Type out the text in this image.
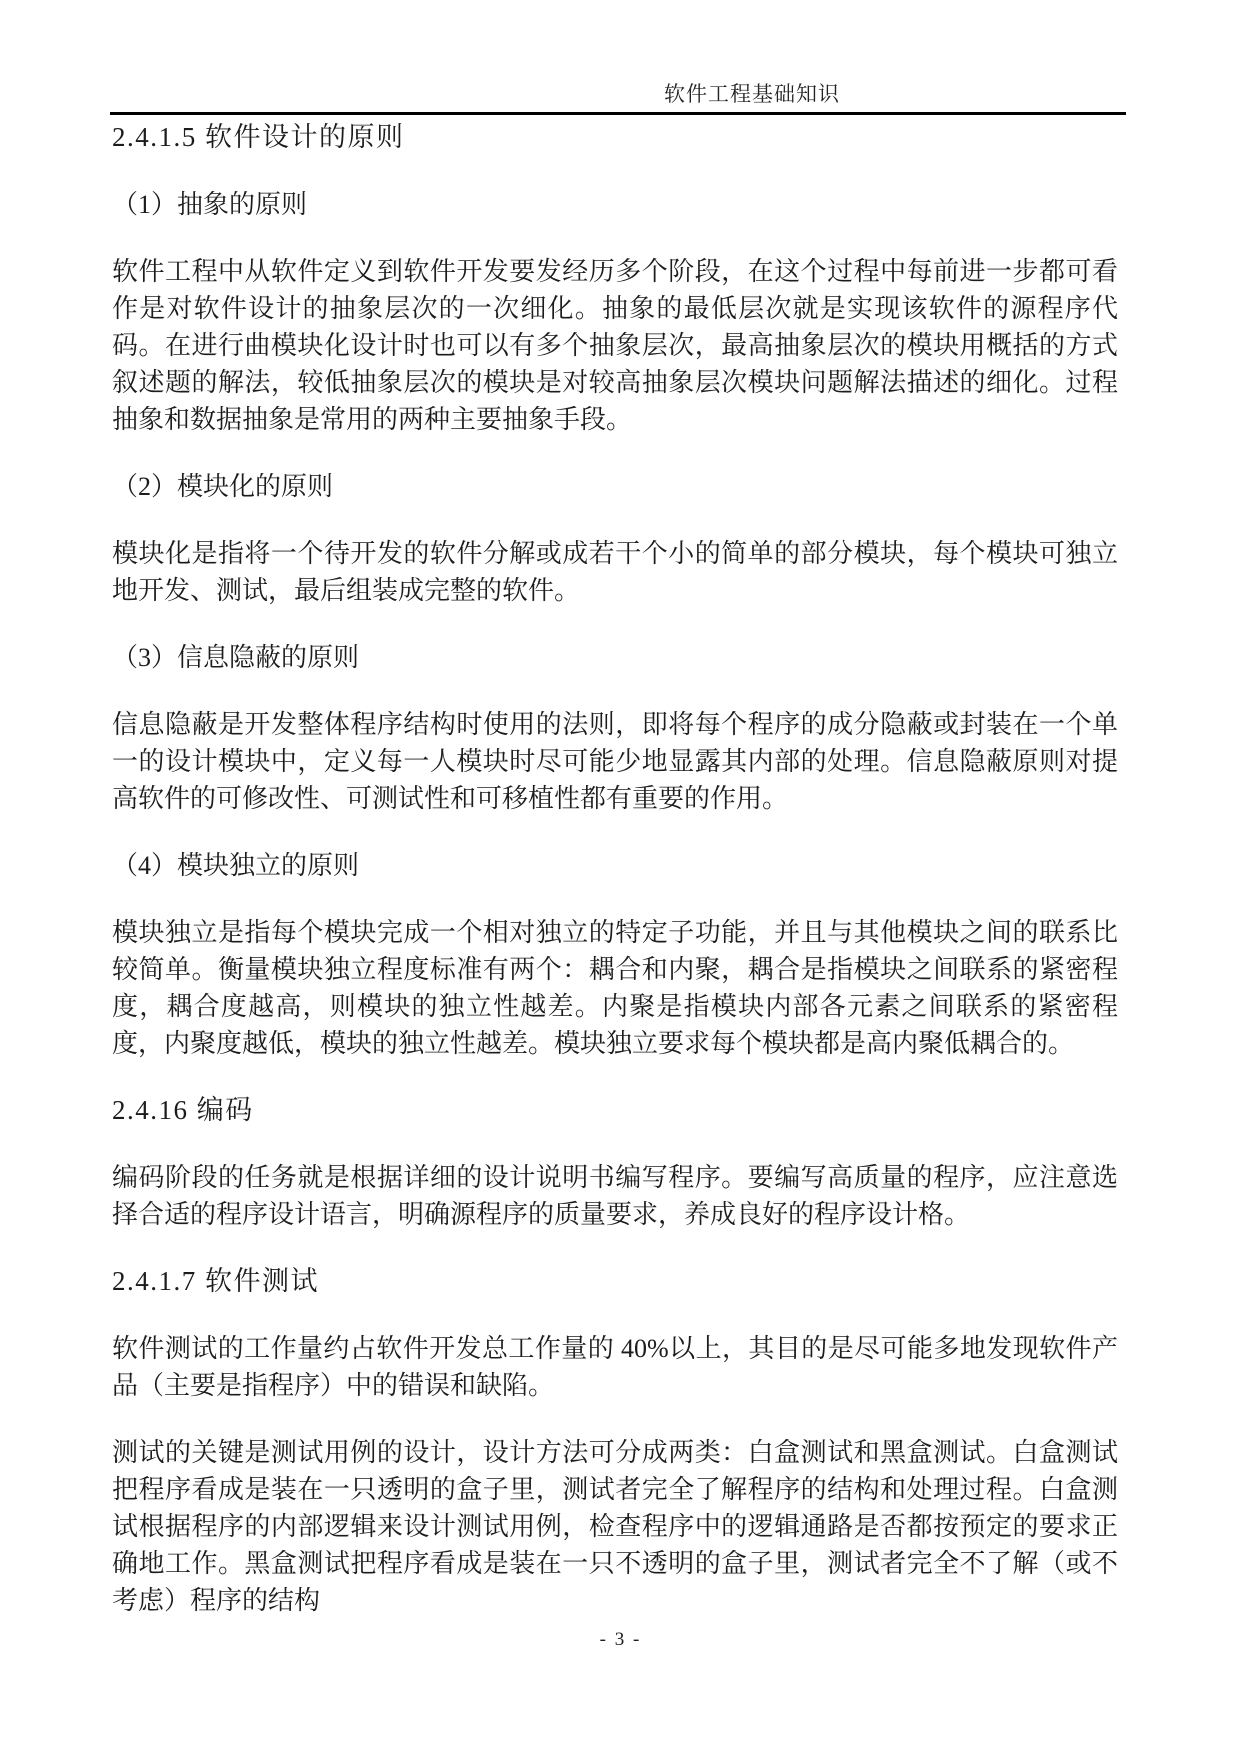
软件工程基础知识
2.4.1.5 软件设计的原则
（1）抽象的原则
软件工程中从软件定义到软件开发要发经历多个阶段，在这个过程中每前进一步都可看作是对软件设计的抽象层次的一次细化。抽象的最低层次就是实现该软件的源程序代码。在进行曲模块化设计时也可以有多个抽象层次，最高抽象层次的模块用概括的方式叙述题的解法，较低抽象层次的模块是对较高抽象层次模块问题解法描述的细化。过程抽象和数据抽象是常用的两种主要抽象手段。
（2）模块化的原则
模块化是指将一个待开发的软件分解或成若干个小的简单的部分模块，每个模块可独立地开发、测试，最后组装成完整的软件。
（3）信息隐蔽的原则
信息隐蔽是开发整体程序结构时使用的法则，即将每个程序的成分隐蔽或封装在一个单一的设计模块中，定义每一人模块时尽可能少地显露其内部的处理。信息隐蔽原则对提高软件的可修改性、可测试性和可移植性都有重要的作用。
（4）模块独立的原则
模块独立是指每个模块完成一个相对独立的特定子功能，并且与其他模块之间的联系比较简单。衡量模块独立程度标准有两个：耦合和内聚，耦合是指模块之间联系的紧密程度，耦合度越高，则模块的独立性越差。内聚是指模块内部各元素之间联系的紧密程度，内聚度越低，模块的独立性越差。模块独立要求每个模块都是高内聚低耦合的。
2.4.16 编码
编码阶段的任务就是根据详细的设计说明书编写程序。要编写高质量的程序，应注意选择合适的程序设计语言，明确源程序的质量要求，养成良好的程序设计格。
2.4.1.7 软件测试
软件测试的工作量约占软件开发总工作量的 40%以上，其目的是尽可能多地发现软件产品（主要是指程序）中的错误和缺陷。
测试的关键是测试用例的设计，设计方法可分成两类：白盒测试和黑盒测试。白盒测试把程序看成是装在一只透明的盒子里，测试者完全了解程序的结构和处理过程。白盒测试根据程序的内部逻辑来设计测试用例，检查程序中的逻辑通路是否都按预定的要求正确地工作。黑盒测试把程序看成是装在一只不透明的盒子里，测试者完全不了解（或不考虑）程序的结构
- 3 -
